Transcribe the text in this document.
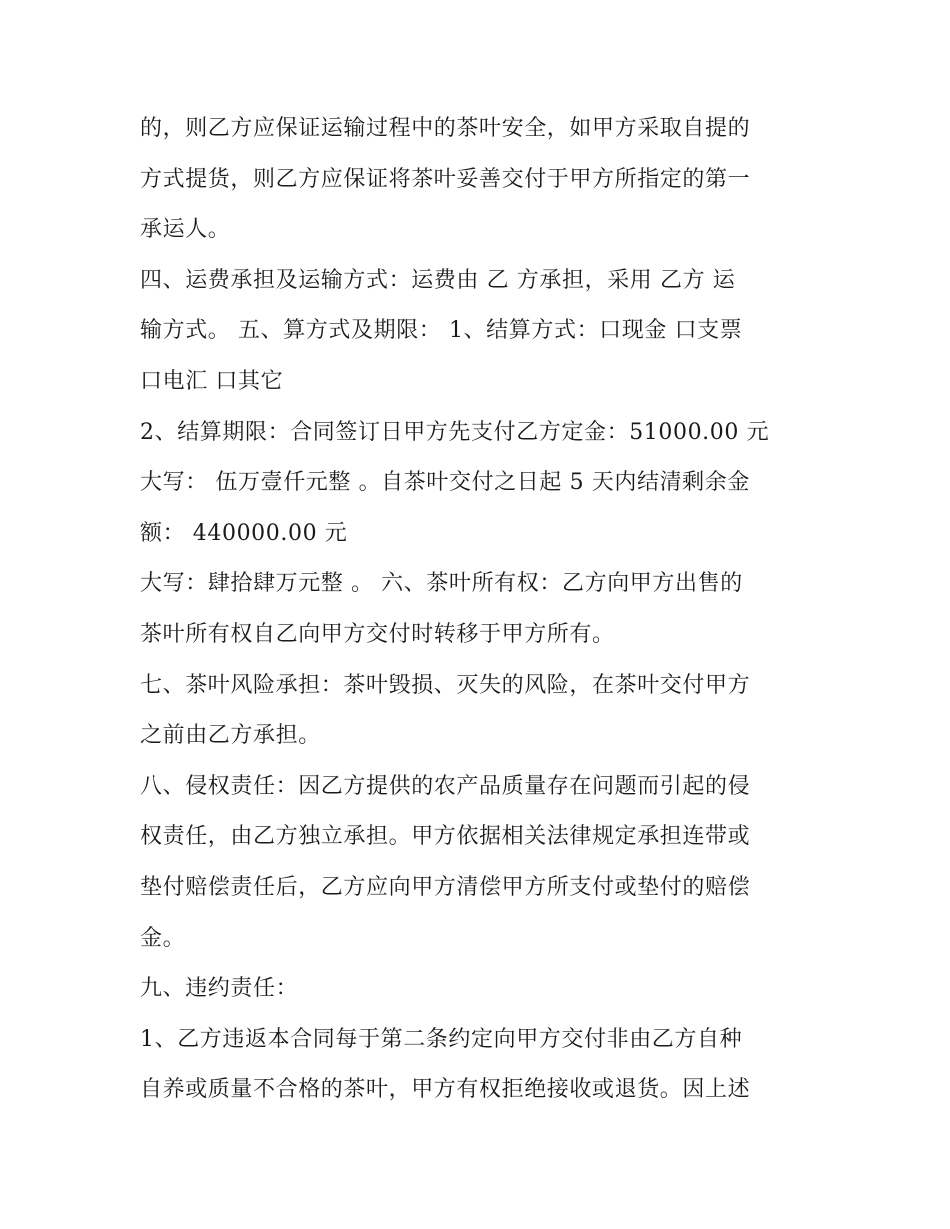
的，则乙方应保证运输过程中的茶叶安全，如甲方采取自提的
方式提货，则乙方应保证将茶叶妥善交付于甲方所指定的第一
承运人。
四、运费承担及运输方式：运费由 乙 方承担，采用 乙方 运
输方式。 五、算方式及期限： 1、结算方式：口现金 口支票
口电汇 口其它
2、结算期限：合同签订日甲方先支付乙方定金：51000.00 元
大写： 伍万壹仟元整 。自茶叶交付之日起 5 天内结清剩余金
额： 440000.00 元
大写：肆拾肆万元整 。 六、茶叶所有权：乙方向甲方出售的
茶叶所有权自乙向甲方交付时转移于甲方所有。
七、茶叶风险承担：茶叶毁损、灭失的风险，在茶叶交付甲方
之前由乙方承担。
八、侵权责任：因乙方提供的农产品质量存在问题而引起的侵
权责任，由乙方独立承担。甲方依据相关法律规定承担连带或
垫付赔偿责任后，乙方应向甲方清偿甲方所支付或垫付的赔偿
金。
九、违约责任：
1、乙方违返本合同每于第二条约定向甲方交付非由乙方自种
自养或质量不合格的茶叶，甲方有权拒绝接收或退货。因上述
